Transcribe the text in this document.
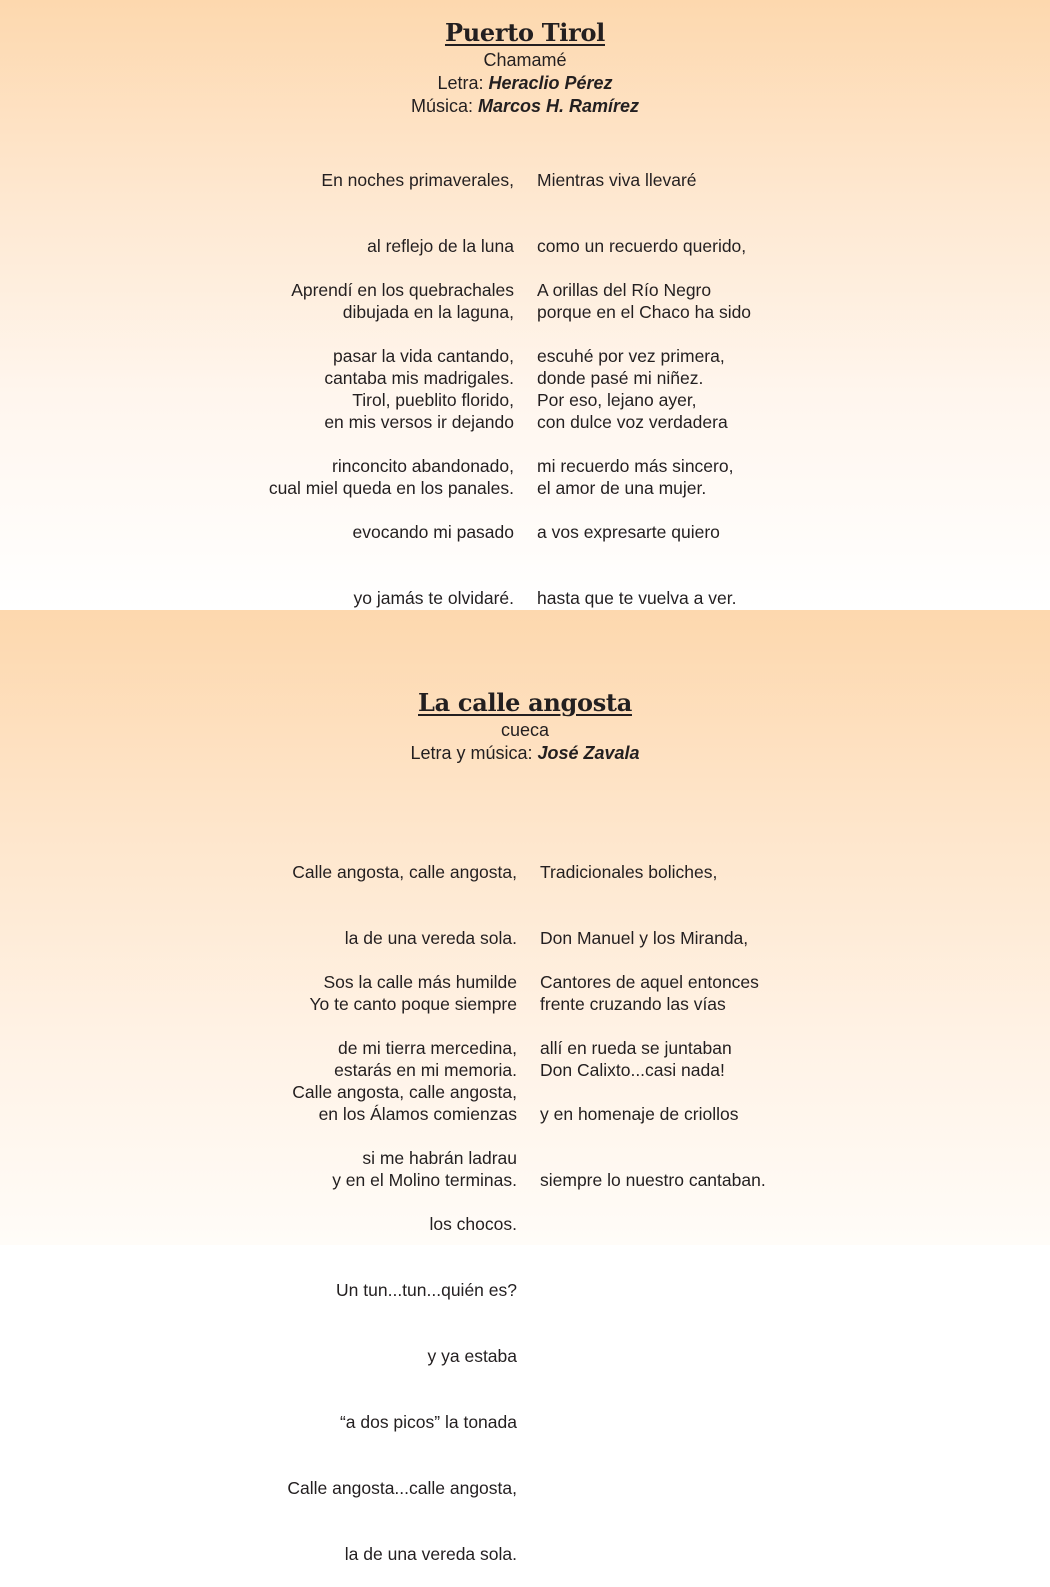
Puerto Tirol
Chamamé
Letra: Heraclio Pérez
Música: Marcos H. Ramírez

En noches primaverales,

al reflejo de la luna

dibujada en la laguna,

cantaba mis madrigales.

Aprendí en los quebrachales

pasar la vida cantando,

en mis versos ir dejando

cual miel queda en los panales.

Tirol, pueblito florido,

rinconcito abandonado,

evocando mi pasado

yo jamás te olvidaré.

Mientras viva llevaré

como un recuerdo querido,

porque en el Chaco ha sido

donde pasé mi niñez.

A orillas del Río Negro

escuhé por vez primera,

con dulce voz verdadera

el amor de una mujer.

Por eso, lejano ayer,

mi recuerdo más sincero,

a vos expresarte quiero

hasta que te vuelva a ver.

La calle angosta
cueca
Letra y música: José Zavala

Calle angosta, calle angosta,

la de una vereda sola.

Yo te canto poque siempre

estarás en mi memoria.

Sos la calle más humilde

de mi tierra mercedina,

en los Álamos comienzas

y en el Molino terminas.

Calle angosta, calle angosta,

si me habrán ladrau

los chocos.

Un tun...tun...quién es?

y ya estaba

“a dos picos” la tonada

Calle angosta...calle angosta,

la de una vereda sola.

Tradicionales boliches,

Don Manuel y los Miranda,

frente cruzando las vías

Don Calixto...casi nada!

Cantores de aquel entonces

allí en rueda se juntaban

y en homenaje de criollos

siempre lo nuestro cantaban.
